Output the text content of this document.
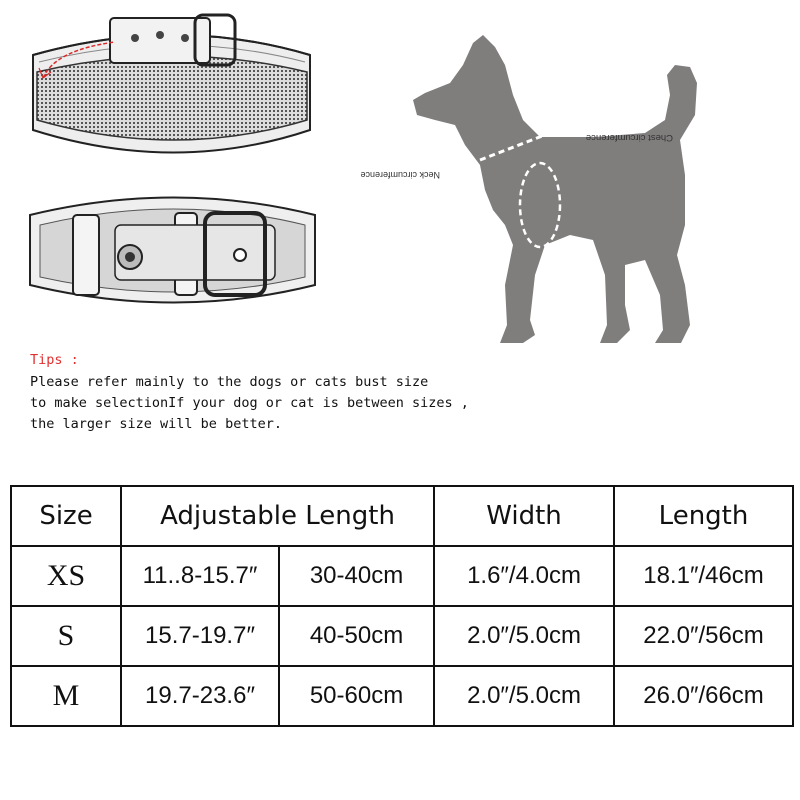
Chest circumference
Neck circumference
Tips :
Please refer mainly to the dogs or cats bust size
to make selectionIf your dog or cat is between sizes ,
the larger size will be better.
Size	Adjustable Length		Width	Length
XS	11..8-15.7″	30-40cm	1.6″/4.0cm	18.1″/46cm
S	15.7-19.7″	40-50cm	2.0″/5.0cm	22.0″/56cm
M	19.7-23.6″	50-60cm	2.0″/5.0cm	26.0″/66cm
